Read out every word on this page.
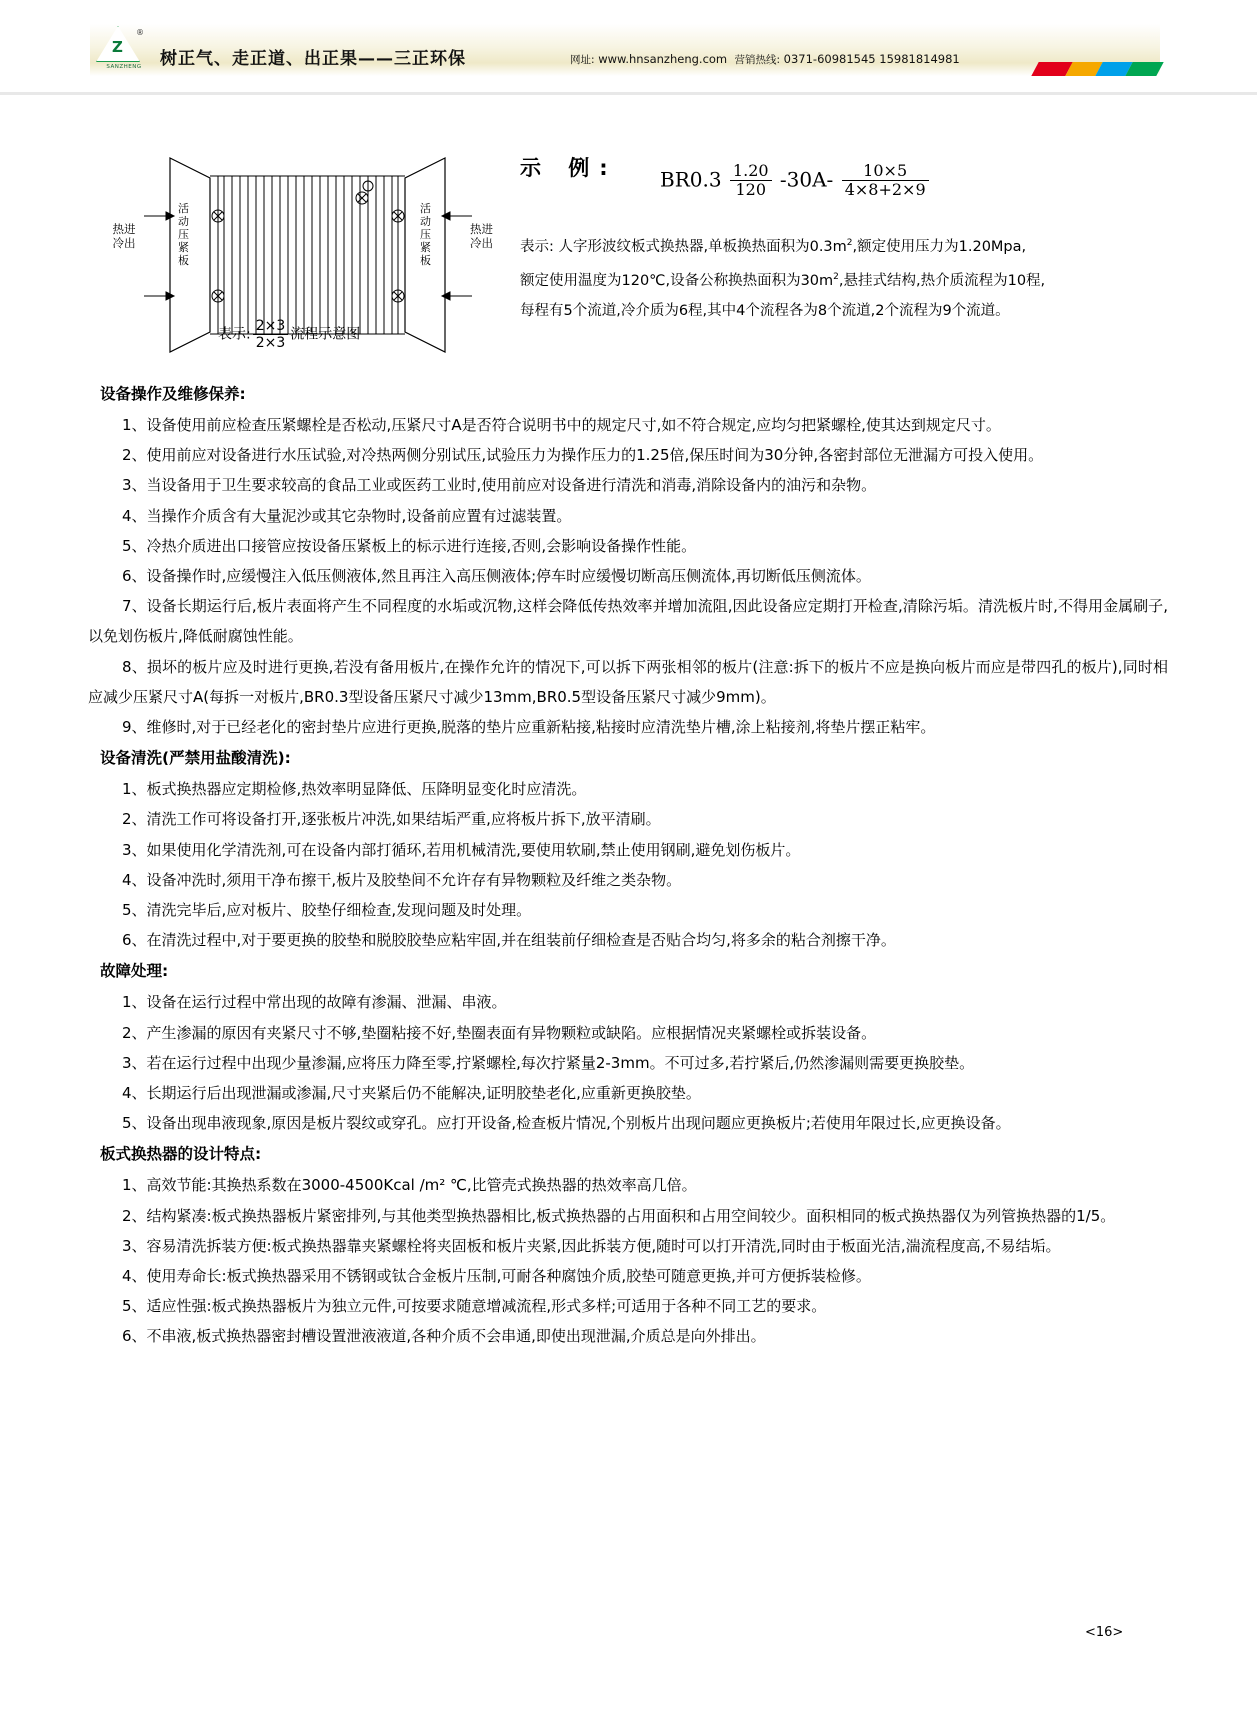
Z
®
SANZHENG	树正气、走正道、出正果——三正环保	网址: www.hnsanzheng.com 营销热线: 0371-60981545 15981814981
热进
冷出
热进
冷出
活动压紧板
活动压紧板
表示: $\frac{2\times 3}{2\times 3}$ 流程示意图
示 例: $BR0.3 \frac{1.20}{120} -30A- \frac{10\times 5}{4\times 8+2\times 9}$
表示: 人字形波纹板式换热器,单板换热面积为$0.3m^2$,额定使用压力为1.20Mpa,
额定使用温度为120℃,设备公称换热面积为$30m^2$,悬挂式结构,热介质流程为10程,
每程有5个流道,冷介质为6程,其中4个流程各为8个流道,2个流程为9个流道。
设备操作及维修保养:

1、设备使用前应检查压紧螺栓是否松动,压紧尺寸A是否符合说明书中的规定尺寸,如不符合规定,应均匀把紧螺栓,使其达到规定尺寸。

2、使用前应对设备进行水压试验,对冷热两侧分别试压,试验压力为操作压力的1.25倍,保压时间为30分钟,各密封部位无泄漏方可投入使用。

3、当设备用于卫生要求较高的食品工业或医药工业时,使用前应对设备进行清洗和消毒,消除设备内的油污和杂物。

4、当操作介质含有大量泥沙或其它杂物时,设备前应置有过滤装置。

5、冷热介质进出口接管应按设备压紧板上的标示进行连接,否则,会影响设备操作性能。

6、设备操作时,应缓慢注入低压侧液体,然且再注入高压侧液体;停车时应缓慢切断高压侧流体,再切断低压侧流体。

7、设备长期运行后,板片表面将产生不同程度的水垢或沉物,这样会降低传热效率并增加流阻,因此设备应定期打开检查,清除污垢。清洗板片时,不得用金属刷子,以免划伤板片,降低耐腐蚀性能。

8、损坏的板片应及时进行更换,若没有备用板片,在操作允许的情况下,可以拆下两张相邻的板片(注意:拆下的板片不应是换向板片而应是带四孔的板片),同时相应减少压紧尺寸A(每拆一对板片,BR0.3型设备压紧尺寸减少13mm,BR0.5型设备压紧尺寸减少9mm)。

9、维修时,对于已经老化的密封垫片应进行更换,脱落的垫片应重新粘接,粘接时应清洗垫片槽,涂上粘接剂,将垫片摆正粘牢。

设备清洗(严禁用盐酸清洗):

1、板式换热器应定期检修,热效率明显降低、压降明显变化时应清洗。

2、清洗工作可将设备打开,逐张板片冲洗,如果结垢严重,应将板片拆下,放平清刷。

3、如果使用化学清洗剂,可在设备内部打循环,若用机械清洗,要使用软刷,禁止使用钢刷,避免划伤板片。

4、设备冲洗时,须用干净布擦干,板片及胶垫间不允许存有异物颗粒及纤维之类杂物。

5、清洗完毕后,应对板片、胶垫仔细检查,发现问题及时处理。

6、在清洗过程中,对于要更换的胶垫和脱胶胶垫应粘牢固,并在组装前仔细检查是否贴合均匀,将多余的粘合剂擦干净。

故障处理:

1、设备在运行过程中常出现的故障有渗漏、泄漏、串液。

2、产生渗漏的原因有夹紧尺寸不够,垫圈粘接不好,垫圈表面有异物颗粒或缺陷。应根据情况夹紧螺栓或拆装设备。

3、若在运行过程中出现少量渗漏,应将压力降至零,拧紧螺栓,每次拧紧量2-3mm。不可过多,若拧紧后,仍然渗漏则需要更换胶垫。

4、长期运行后出现泄漏或渗漏,尺寸夹紧后仍不能解决,证明胶垫老化,应重新更换胶垫。

5、设备出现串液现象,原因是板片裂纹或穿孔。应打开设备,检查板片情况,个别板片出现问题应更换板片;若使用年限过长,应更换设备。

板式换热器的设计特点:

1、高效节能:其换热系数在3000-4500Kcal /m² ℃,比管壳式换热器的热效率高几倍。

2、结构紧凑:板式换热器板片紧密排列,与其他类型换热器相比,板式换热器的占用面积和占用空间较少。面积相同的板式换热器仅为列管换热器的1/5。

3、容易清洗拆装方便:板式换热器靠夹紧螺栓将夹固板和板片夹紧,因此拆装方便,随时可以打开清洗,同时由于板面光洁,湍流程度高,不易结垢。

4、使用寿命长:板式换热器采用不锈钢或钛合金板片压制,可耐各种腐蚀介质,胶垫可随意更换,并可方便拆装检修。

5、适应性强:板式换热器板片为独立元件,可按要求随意增减流程,形式多样;可适用于各种不同工艺的要求。

6、不串液,板式换热器密封槽设置泄液液道,各种介质不会串通,即使出现泄漏,介质总是向外排出。

<16>
